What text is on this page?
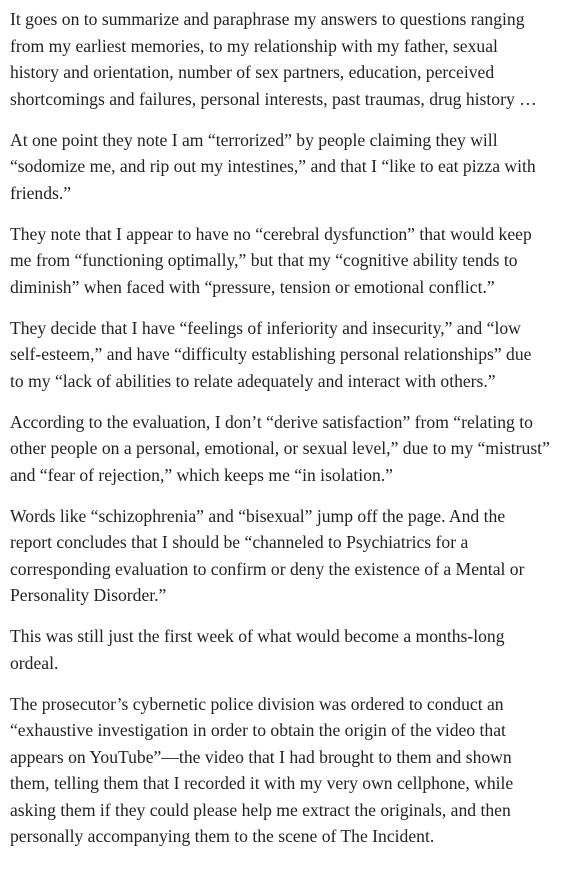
It goes on to summarize and paraphrase my answers to questions ranging
from my earliest memories, to my relationship with my father, sexual
history and orientation, number of sex partners, education, perceived
shortcomings and failures, personal interests, past traumas, drug history …

At one point they note I am “terrorized” by people claiming they will
“sodomize me, and rip out my intestines,” and that I “like to eat pizza with
friends.”

They note that I appear to have no “cerebral dysfunction” that would keep
me from “functioning optimally,” but that my “cognitive ability tends to
diminish” when faced with “pressure, tension or emotional conflict.”

They decide that I have “feelings of inferiority and insecurity,” and “low
self-esteem,” and have “difficulty establishing personal relationships” due
to my “lack of abilities to relate adequately and interact with others.”

According to the evaluation, I don’t “derive satisfaction” from “relating to
other people on a personal, emotional, or sexual level,” due to my “mistrust”
and “fear of rejection,” which keeps me “in isolation.”

Words like “schizophrenia” and “bisexual” jump off the page. And the
report concludes that I should be “channeled to Psychiatrics for a
corresponding evaluation to confirm or deny the existence of a Mental or
Personality Disorder.”

This was still just the first week of what would become a months-long
ordeal.

The prosecutor’s cybernetic police division was ordered to conduct an
“exhaustive investigation in order to obtain the origin of the video that
appears on YouTube”—the video that I had brought to them and shown
them, telling them that I recorded it with my very own cellphone, while
asking them if they could please help me extract the originals, and then
personally accompanying them to the scene of The Incident.
